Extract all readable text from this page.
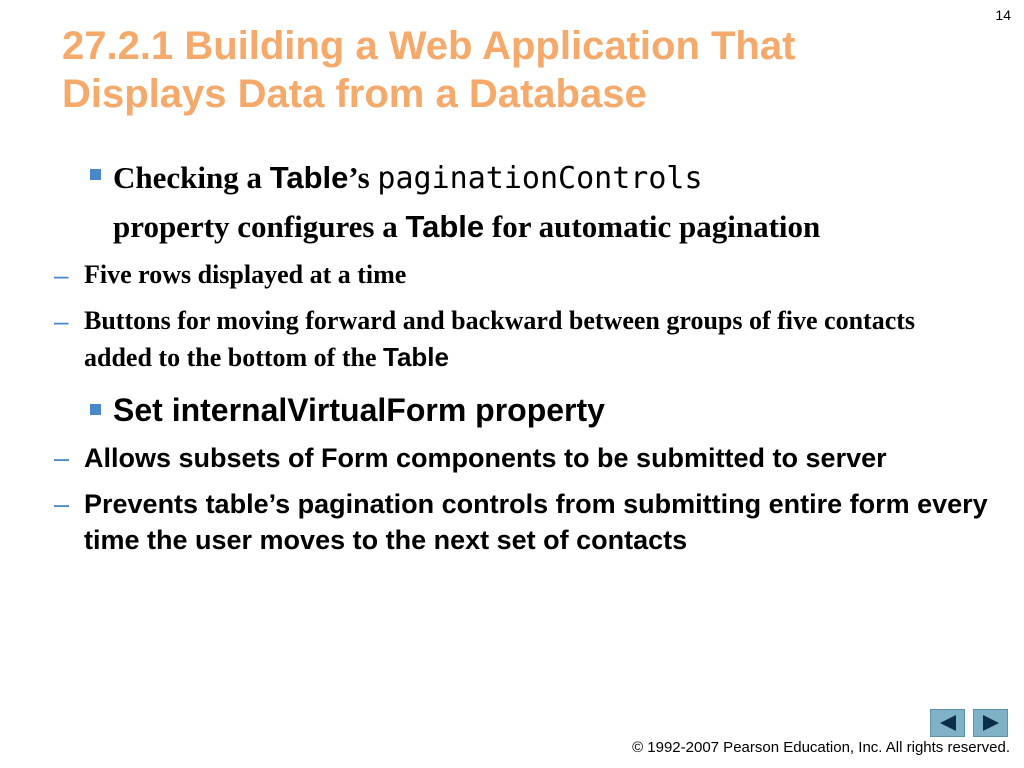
14
27.2.1 Building a Web Application That Displays Data from a Database
Checking a Table’s paginationControls
property configures a Table for automatic pagination
– Five rows displayed at a time
– Buttons for moving forward and backward between groups of five contacts added to the bottom of the Table
Set internalVirtualForm property
– Allows subsets of Form components to be submitted to server
– Prevents table’s pagination controls from submitting entire form every time the user moves to the next set of contacts
© 1992-2007 Pearson Education, Inc. All rights reserved.
